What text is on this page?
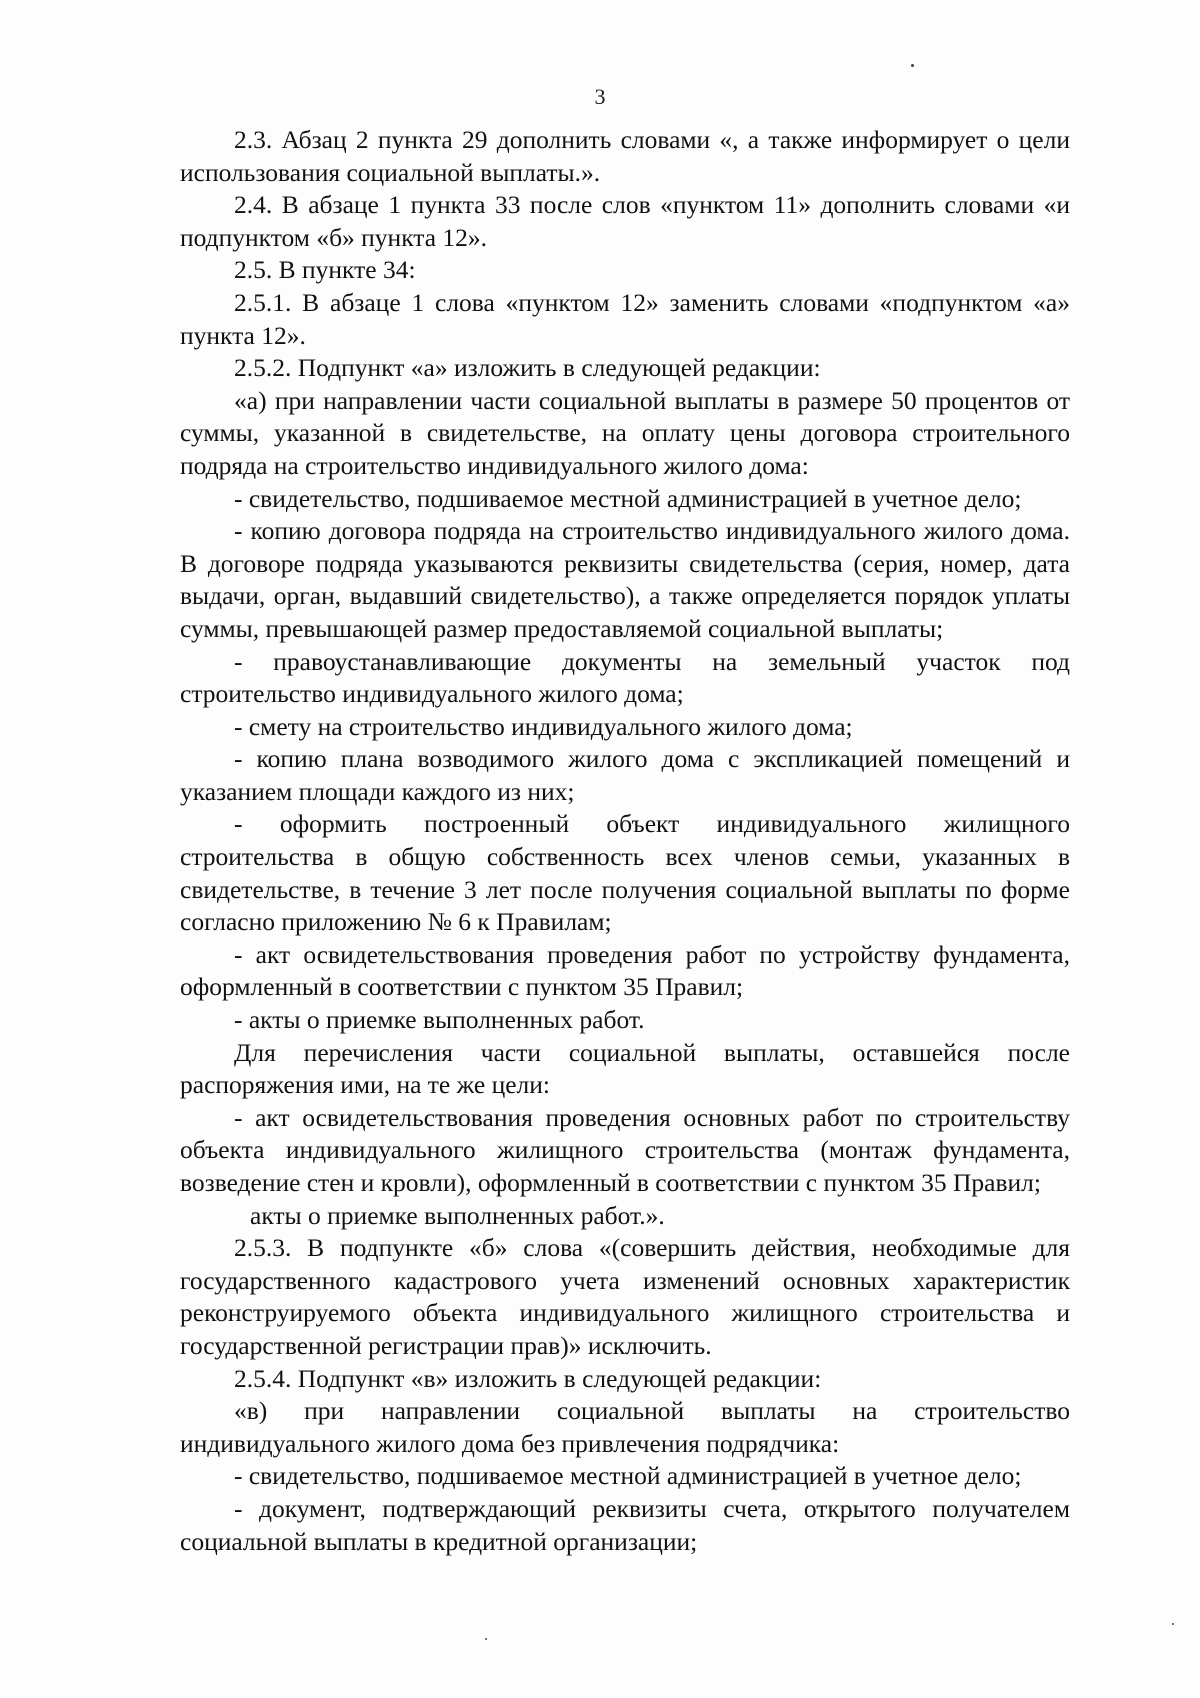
3

2.3. Абзац 2 пункта 29 дополнить словами «, а также информирует о цели использования социальной выплаты.».

2.4. В абзаце 1 пункта 33 после слов «пунктом 11» дополнить словами «и подпунктом «б» пункта 12».

2.5. В пункте 34:

2.5.1. В абзаце 1 слова «пунктом 12» заменить словами «подпунктом «а» пункта 12».

2.5.2. Подпункт «а» изложить в следующей редакции:

«а) при направлении части социальной выплаты в размере 50 процентов от суммы, указанной в свидетельстве, на оплату цены договора строительного подряда на строительство индивидуального жилого дома:

- свидетельство, подшиваемое местной администрацией в учетное дело;

- копию договора подряда на строительство индивидуального жилого дома. В договоре подряда указываются реквизиты свидетельства (серия, номер, дата выдачи, орган, выдавший свидетельство), а также определяется порядок уплаты суммы, превышающей размер предоставляемой социальной выплаты;

- правоустанавливающие документы на земельный участок под строительство индивидуального жилого дома;

- смету на строительство индивидуального жилого дома;

- копию плана возводимого жилого дома с экспликацией помещений и указанием площади каждого из них;

- оформить построенный объект индивидуального жилищного строительства в общую собственность всех членов семьи, указанных в свидетельстве, в течение 3 лет после получения социальной выплаты по форме согласно приложению № 6 к Правилам;

- акт освидетельствования проведения работ по устройству фундамента, оформленный в соответствии с пунктом 35 Правил;

- акты о приемке выполненных работ.

Для перечисления части социальной выплаты, оставшейся после распоряжения ими, на те же цели:

- акт освидетельствования проведения основных работ по строительству объекта индивидуального жилищного строительства (монтаж фундамента, возведение стен и кровли), оформленный в соответствии с пунктом 35 Правил;

акты о приемке выполненных работ.».

2.5.3. В подпункте «б» слова «(совершить действия, необходимые для государственного кадастрового учета изменений основных характеристик реконструируемого объекта индивидуального жилищного строительства и государственной регистрации прав)» исключить.

2.5.4. Подпункт «в» изложить в следующей редакции:

«в) при направлении социальной выплаты на строительство индивидуального жилого дома без привлечения подрядчика:

- свидетельство, подшиваемое местной администрацией в учетное дело;

- документ, подтверждающий реквизиты счета, открытого получателем социальной выплаты в кредитной организации;
